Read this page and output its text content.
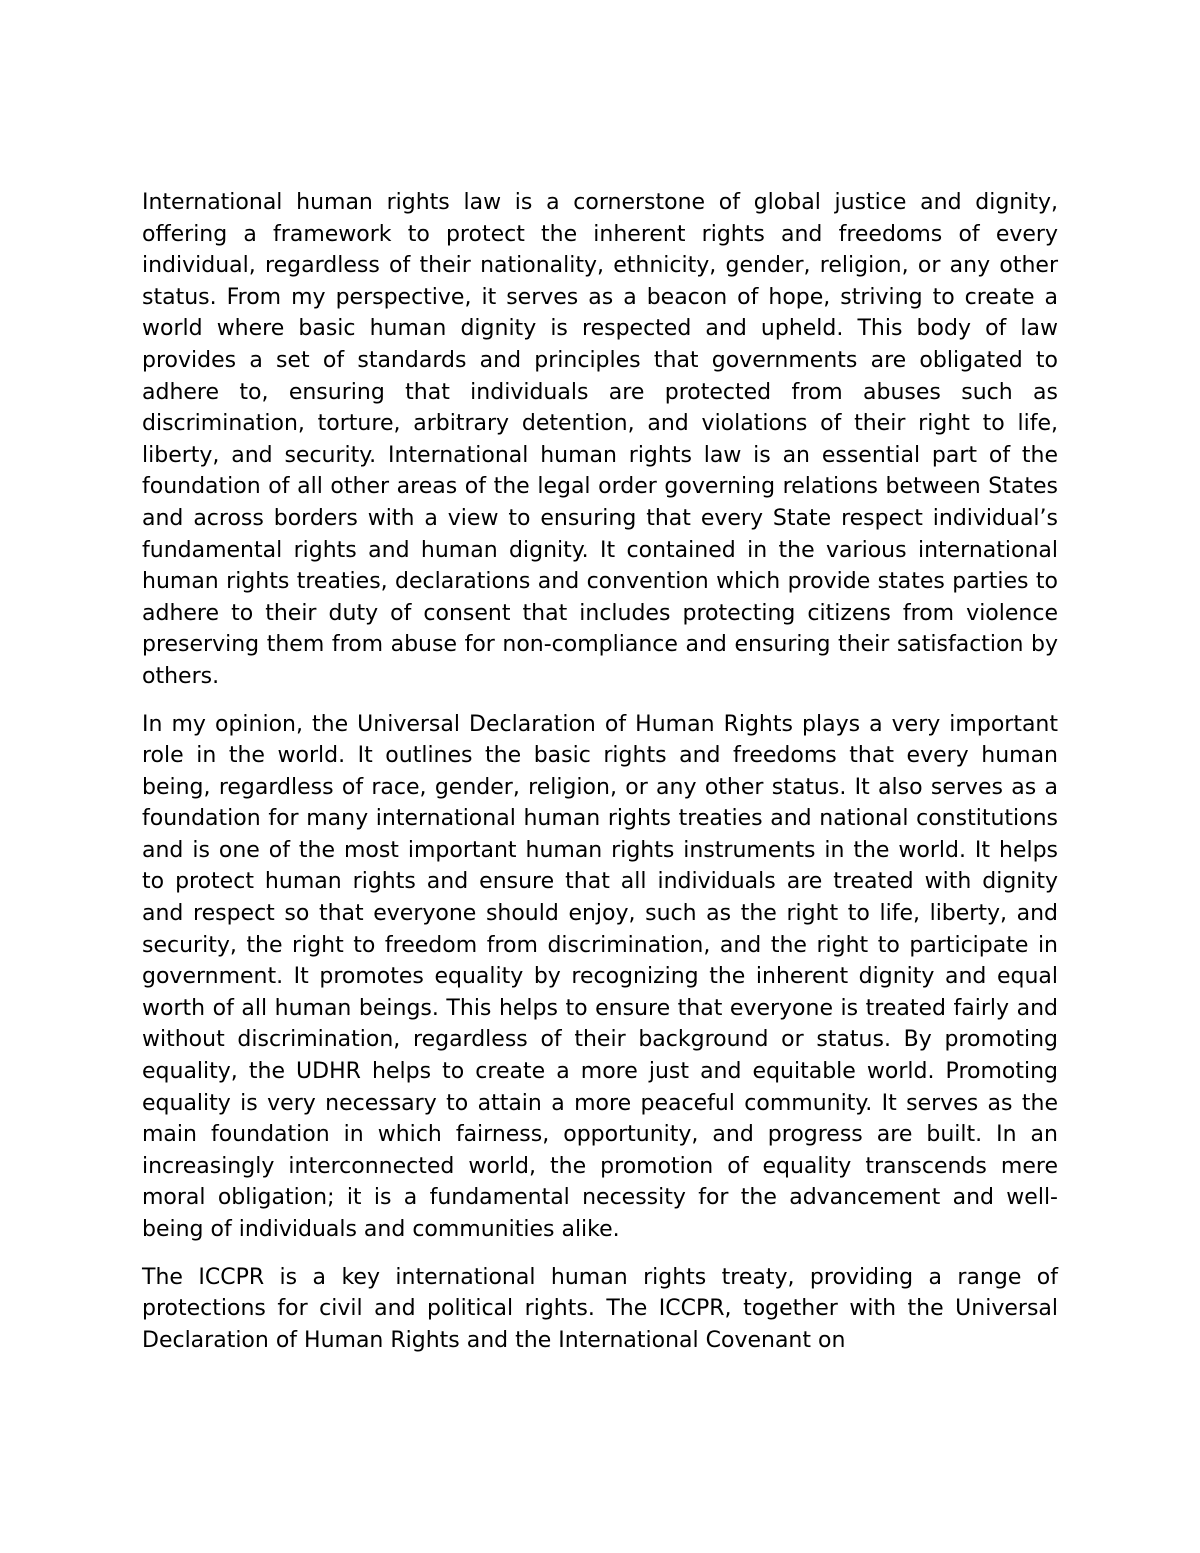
International human rights law is a cornerstone of global justice and dignity, offering a framework to protect the inherent rights and freedoms of every individual, regardless of their nationality, ethnicity, gender, religion, or any other status. From my perspective, it serves as a beacon of hope, striving to create a world where basic human dignity is respected and upheld. This body of law provides a set of standards and principles that governments are obligated to adhere to, ensuring that individuals are protected from abuses such as discrimination, torture, arbitrary detention, and violations of their right to life, liberty, and security. International human rights law is an essential part of the foundation of all other areas of the legal order governing relations between States and across borders with a view to ensuring that every State respect individual’s fundamental rights and human dignity. It contained in the various international human rights treaties, declarations and convention which provide states parties to adhere to their duty of consent that includes protecting citizens from violence preserving them from abuse for non-compliance and ensuring their satisfaction by others.

In my opinion, the Universal Declaration of Human Rights plays a very important role in the world. It outlines the basic rights and freedoms that every human being, regardless of race, gender, religion, or any other status. It also serves as a foundation for many international human rights treaties and national constitutions and is one of the most important human rights instruments in the world. It helps to protect human rights and ensure that all individuals are treated with dignity and respect so that everyone should enjoy, such as the right to life, liberty, and security, the right to freedom from discrimination, and the right to participate in government. It promotes equality by recognizing the inherent dignity and equal worth of all human beings. This helps to ensure that everyone is treated fairly and without discrimination, regardless of their background or status. By promoting equality, the UDHR helps to create a more just and equitable world. Promoting equality is very necessary to attain a more peaceful community. It serves as the main foundation in which fairness, opportunity, and progress are built. In an increasingly interconnected world, the promotion of equality transcends mere moral obligation; it is a fundamental necessity for the advancement and well-being of individuals and communities alike.

The ICCPR is a key international human rights treaty, providing a range of protections for civil and political rights. The ICCPR, together with the Universal Declaration of Human Rights and the International Covenant on
